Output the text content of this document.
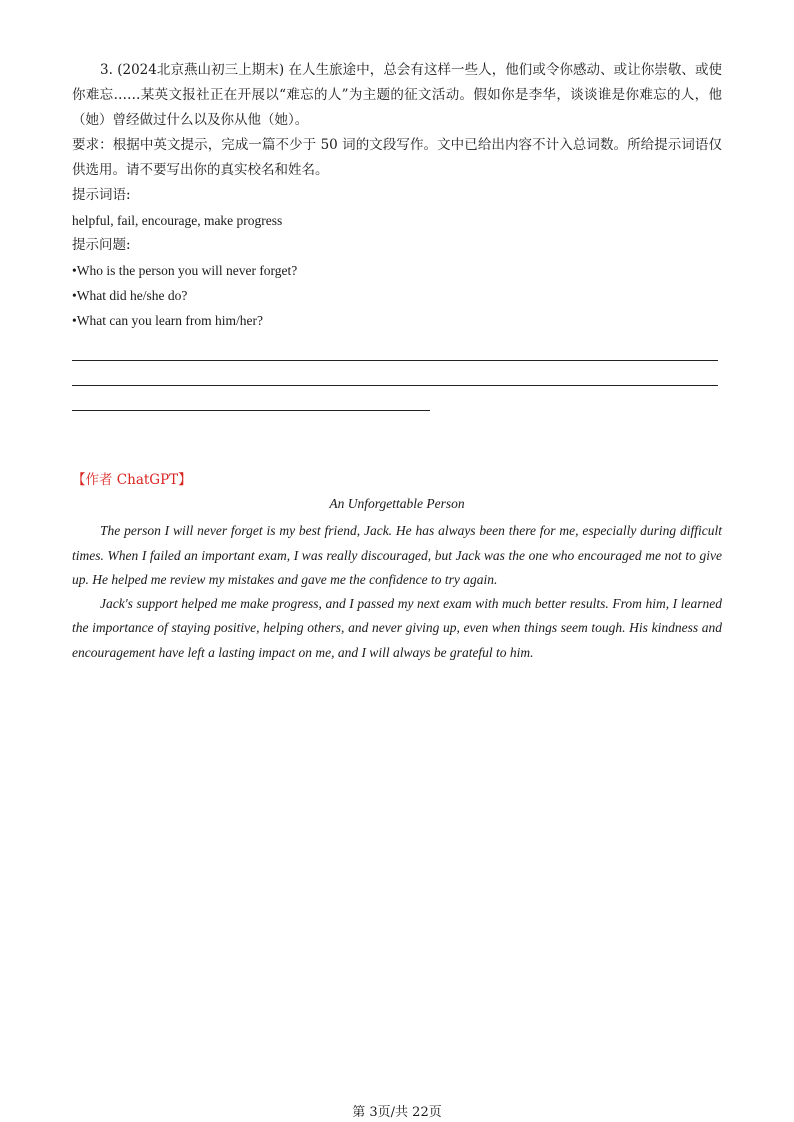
3. (2024北京燕山初三上期末) 在人生旅途中，总会有这样一些人，他们或令你感动、或让你崇敬、或使你难忘……某英文报社正在开展以“难忘的人”为主题的征文活动。假如你是李华，谈谈谁是你难忘的人，他（她）曾经做过什么以及你从他（她）。

要求：根据中英文提示，完成一篇不少于 50 词的文段写作。文中已给出内容不计入总词数。所给提示词语仅供选用。请不要写出你的真实校名和姓名。

提示词语:

helpful, fail, encourage, make progress

提示问题:

•Who is the person you will never forget?

•What did he/she do?

•What can you learn from him/her?

【作者 ChatGPT】

An Unforgettable Person

The person I will never forget is my best friend, Jack. He has always been there for me, especially during difficult times. When I failed an important exam, I was really discouraged, but Jack was the one who encouraged me not to give up. He helped me review my mistakes and gave me the confidence to try again.

Jack's support helped me make progress, and I passed my next exam with much better results. From him, I learned the importance of staying positive, helping others, and never giving up, even when things seem tough. His kindness and encouragement have left a lasting impact on me, and I will always be grateful to him.

第 3页/共 22页
